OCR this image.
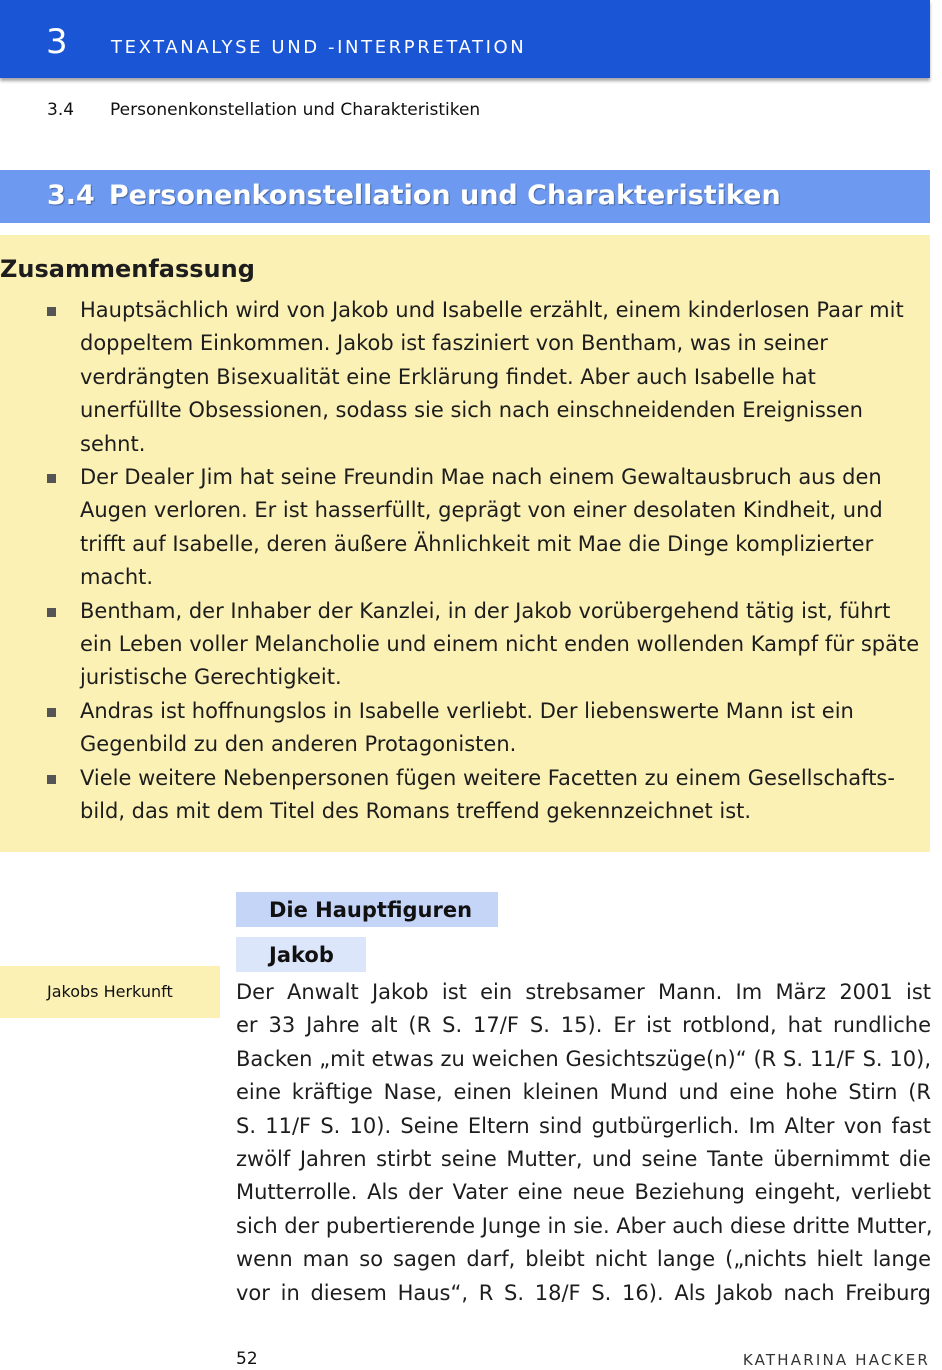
3 TEXTANALYSE UND -INTERPRETATION
3.4 Personenkonstellation und Charakteristiken
3.4 Personenkonstellation und Charakteristiken
Zusammenfassung
Hauptsächlich wird von Jakob und Isabelle erzählt, einem kinderlosen Paar mit doppeltem Einkommen. Jakob ist fasziniert von Bentham, was in seiner verdrängten Bisexualität eine Erklärung findet. Aber auch Isabelle hat unerfüllte Obsessionen, sodass sie sich nach einschneidenden Ereignissen sehnt.
Der Dealer Jim hat seine Freundin Mae nach einem Gewaltausbruch aus den Augen verloren. Er ist hasserfüllt, geprägt von einer desolaten Kindheit, und trifft auf Isabelle, deren äußere Ähnlichkeit mit Mae die Dinge komplizierter macht.
Bentham, der Inhaber der Kanzlei, in der Jakob vorübergehend tätig ist, führt ein Leben voller Melancholie und einem nicht enden wollenden Kampf für späte juristische Gerechtigkeit.
Andras ist hoffnungslos in Isabelle verliebt. Der liebenswerte Mann ist ein Gegenbild zu den anderen Protagonisten.
Viele weitere Nebenpersonen fügen weitere Facetten zu einem Gesellschafts-bild, das mit dem Titel des Romans treffend gekennzeichnet ist.
Die Hauptfiguren
Jakob
Jakobs Herkunft	Der Anwalt Jakob ist ein strebsamer Mann. Im März 2001 ist
er 33 Jahre alt (R S. 17/F S. 15). Er ist rotblond, hat rundliche
Backen „mit etwas zu weichen Gesichtszüge(n)“ (R S. 11/F S. 10),
eine kräftige Nase, einen kleinen Mund und eine hohe Stirn (R
S. 11/F S. 10). Seine Eltern sind gutbürgerlich. Im Alter von fast
zwölf Jahren stirbt seine Mutter, und seine Tante übernimmt die
Mutterrolle. Als der Vater eine neue Beziehung eingeht, verliebt
sich der pubertierende Junge in sie. Aber auch diese dritte Mutter,
wenn man so sagen darf, bleibt nicht lange („nichts hielt lange
vor in diesem Haus“, R S. 18/F S. 16). Als Jakob nach Freiburg
52	KATHARINA HACKER
